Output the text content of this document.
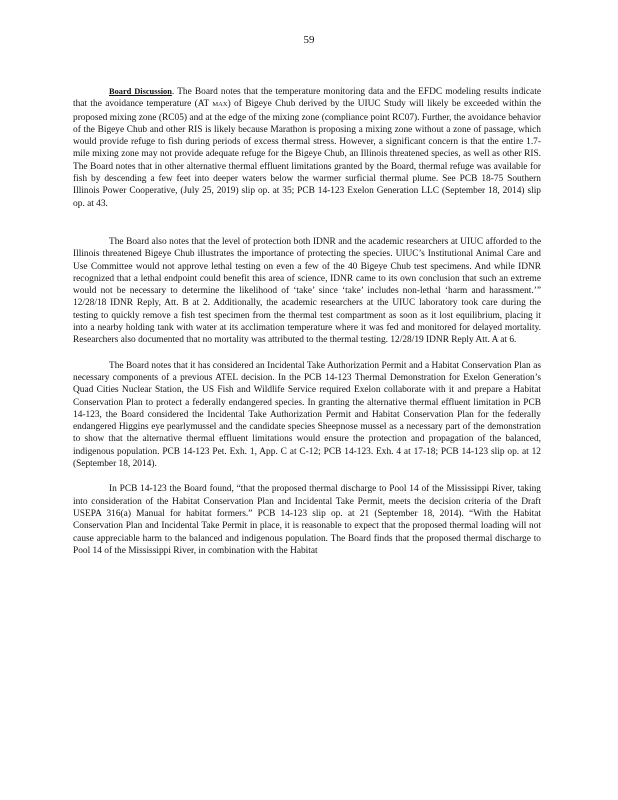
59

Board Discussion. The Board notes that the temperature monitoring data and the EFDC modeling results indicate that the avoidance temperature (AT MAX) of Bigeye Chub derived by the UIUC Study will likely be exceeded within the proposed mixing zone (RC05) and at the edge of the mixing zone (compliance point RC07). Further, the avoidance behavior of the Bigeye Chub and other RIS is likely because Marathon is proposing a mixing zone without a zone of passage, which would provide refuge to fish during periods of excess thermal stress. However, a significant concern is that the entire 1.7-mile mixing zone may not provide adequate refuge for the Bigeye Chub, an Illinois threatened species, as well as other RIS. The Board notes that in other alternative thermal effluent limitations granted by the Board, thermal refuge was available for fish by descending a few feet into deeper waters below the warmer surficial thermal plume. See PCB 18-75 Southern Illinois Power Cooperative, (July 25, 2019) slip op. at 35; PCB 14-123 Exelon Generation LLC (September 18, 2014) slip op. at 43.

The Board also notes that the level of protection both IDNR and the academic researchers at UIUC afforded to the Illinois threatened Bigeye Chub illustrates the importance of protecting the species. UIUC’s Institutional Animal Care and Use Committee would not approve lethal testing on even a few of the 40 Bigeye Chub test specimens. And while IDNR recognized that a lethal endpoint could benefit this area of science, IDNR came to its own conclusion that such an extreme would not be necessary to determine the likelihood of ‘take’ since ‘take’ includes non-lethal ‘harm and harassment.’” 12/28/18 IDNR Reply, Att. B at 2. Additionally, the academic researchers at the UIUC laboratory took care during the testing to quickly remove a fish test specimen from the thermal test compartment as soon as it lost equilibrium, placing it into a nearby holding tank with water at its acclimation temperature where it was fed and monitored for delayed mortality. Researchers also documented that no mortality was attributed to the thermal testing. 12/28/19 IDNR Reply Att. A at 6.

The Board notes that it has considered an Incidental Take Authorization Permit and a Habitat Conservation Plan as necessary components of a previous ATEL decision. In the PCB 14-123 Thermal Demonstration for Exelon Generation’s Quad Cities Nuclear Station, the US Fish and Wildlife Service required Exelon collaborate with it and prepare a Habitat Conservation Plan to protect a federally endangered species. In granting the alternative thermal effluent limitation in PCB 14-123, the Board considered the Incidental Take Authorization Permit and Habitat Conservation Plan for the federally endangered Higgins eye pearlymussel and the candidate species Sheepnose mussel as a necessary part of the demonstration to show that the alternative thermal effluent limitations would ensure the protection and propagation of the balanced, indigenous population. PCB 14-123 Pet. Exh. 1, App. C at C-12; PCB 14-123. Exh. 4 at 17-18; PCB 14-123 slip op. at 12 (September 18, 2014).

In PCB 14-123 the Board found, “that the proposed thermal discharge to Pool 14 of the Mississippi River, taking into consideration of the Habitat Conservation Plan and Incidental Take Permit, meets the decision criteria of the Draft USEPA 316(a) Manual for habitat formers.” PCB 14-123 slip op. at 21 (September 18, 2014). “With the Habitat Conservation Plan and Incidental Take Permit in place, it is reasonable to expect that the proposed thermal loading will not cause appreciable harm to the balanced and indigenous population. The Board finds that the proposed thermal discharge to Pool 14 of the Mississippi River, in combination with the Habitat
